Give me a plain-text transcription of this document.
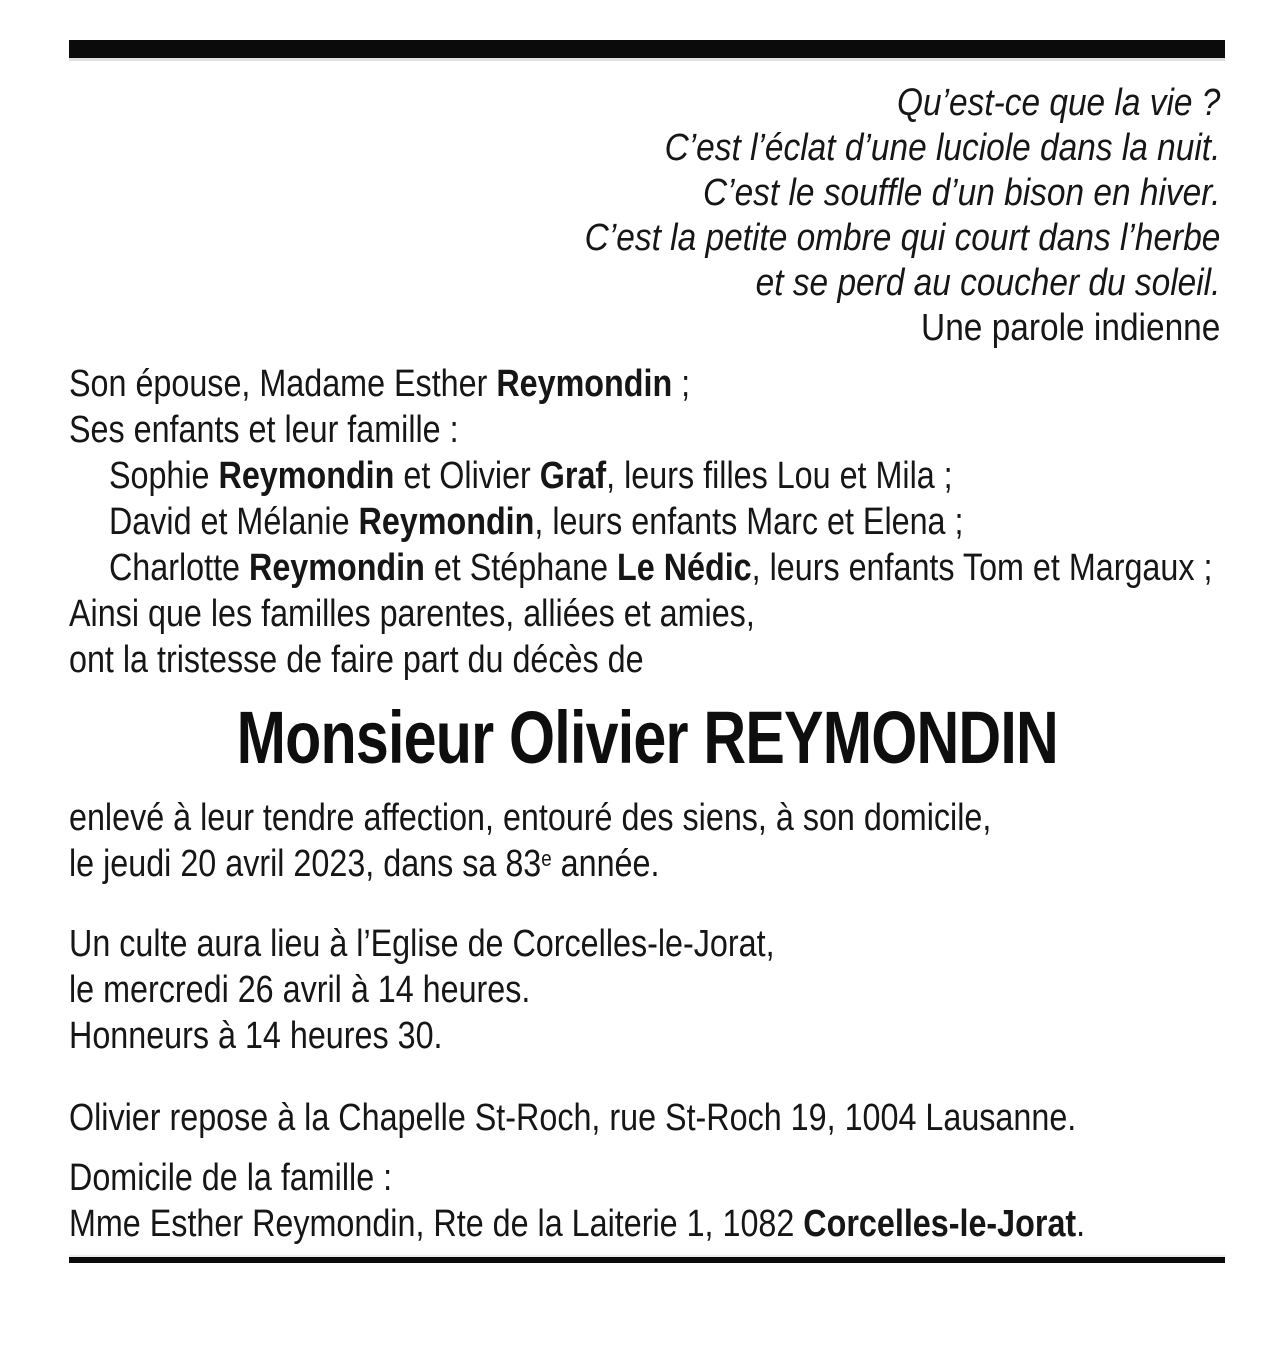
Qu’est-ce que la vie ?
C’est l’éclat d’une luciole dans la nuit.
C’est le souffle d’un bison en hiver.
C’est la petite ombre qui court dans l’herbe
et se perd au coucher du soleil.
Une parole indienne
Son épouse, Madame Esther Reymondin ;
Ses enfants et leur famille :
Sophie Reymondin et Olivier Graf, leurs filles Lou et Mila ;
David et Mélanie Reymondin, leurs enfants Marc et Elena ;
Charlotte Reymondin et Stéphane Le Nédic, leurs enfants Tom et Margaux ;
Ainsi que les familles parentes, alliées et amies,
ont la tristesse de faire part du décès de
Monsieur Olivier REYMONDIN
enlevé à leur tendre affection, entouré des siens, à son domicile,
le jeudi 20 avril 2023, dans sa 83e année.
Un culte aura lieu à l’Eglise de Corcelles-le-Jorat,
le mercredi 26 avril à 14 heures.
Honneurs à 14 heures 30.
Olivier repose à la Chapelle St-Roch, rue St-Roch 19, 1004 Lausanne.
Domicile de la famille :
Mme Esther Reymondin, Rte de la Laiterie 1, 1082 Corcelles-le-Jorat.
